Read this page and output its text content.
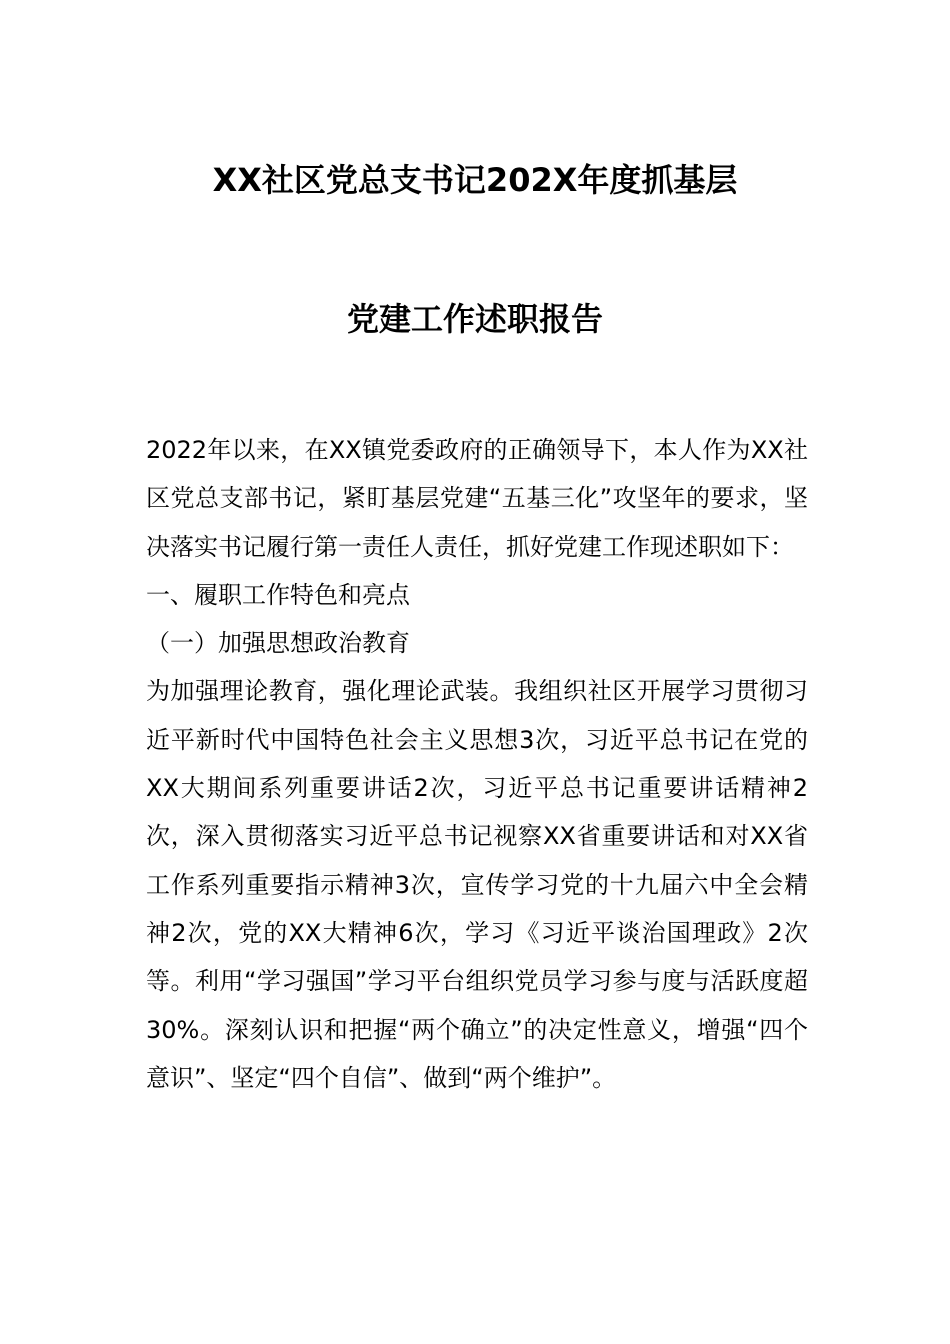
XX社区党总支书记202X年度抓基层
党建工作述职报告

2022年以来，在XX镇党委政府的正确领导下，本人作为XX社区党总支部书记，紧盯基层党建“五基三化”攻坚年的要求，坚决落实书记履行第一责任人责任，抓好党建工作现述职如下：

一、履职工作特色和亮点

（一）加强思想政治教育

为加强理论教育，强化理论武装。我组织社区开展学习贯彻习近平新时代中国特色社会主义思想3次，习近平总书记在党的XX大期间系列重要讲话2次，习近平总书记重要讲话精神2次，深入贯彻落实习近平总书记视察XX省重要讲话和对XX省工作系列重要指示精神3次，宣传学习党的十九届六中全会精神2次，党的XX大精神6次，学习《习近平谈治国理政》2次等。利用“学习强国”学习平台组织党员学习参与度与活跃度超30%。深刻认识和把握“两个确立”的决定性意义，增强“四个意识”、坚定“四个自信”、做到“两个维护”。
